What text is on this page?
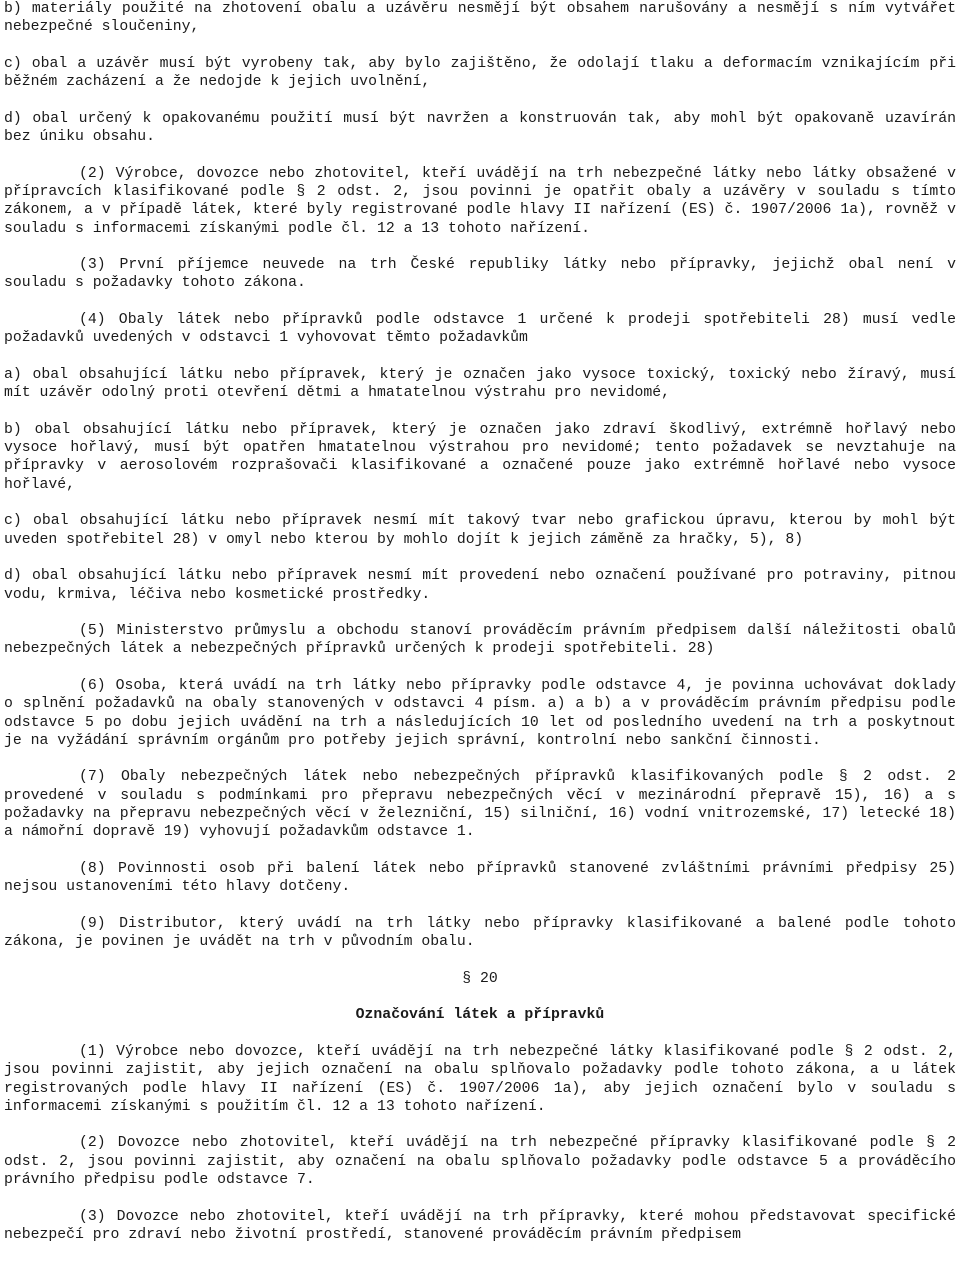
b) materiály použité na zhotovení obalu a uzávěru nesmějí být obsahem narušovány a nesmějí s ním vytvářet nebezpečné sloučeniny,

c) obal a uzávěr musí být vyrobeny tak, aby bylo zajištěno, že odolají tlaku a deformacím vznikajícím při běžném zacházení a že nedojde k jejich uvolnění,

d) obal určený k opakovanému použití musí být navržen a konstruován tak, aby mohl být opakovaně uzavírán bez úniku obsahu.

(2) Výrobce, dovozce nebo zhotovitel, kteří uvádějí na trh nebezpečné látky nebo látky obsažené v přípravcích klasifikované podle § 2 odst. 2, jsou povinni je opatřit obaly a uzávěry v souladu s tímto zákonem, a v případě látek, které byly registrované podle hlavy II nařízení (ES) č. 1907/2006 1a), rovněž v souladu s informacemi získanými podle čl. 12 a 13 tohoto nařízení.

(3) První příjemce neuvede na trh České republiky látky nebo přípravky, jejichž obal není v souladu s požadavky tohoto zákona.

(4) Obaly látek nebo přípravků podle odstavce 1 určené k prodeji spotřebiteli 28) musí vedle požadavků uvedených v odstavci 1 vyhovovat těmto požadavkům

a) obal obsahující látku nebo přípravek, který je označen jako vysoce toxický, toxický nebo žíravý, musí mít uzávěr odolný proti otevření dětmi a hmatatelnou výstrahu pro nevidomé,

b) obal obsahující látku nebo přípravek, který je označen jako zdraví škodlivý, extrémně hořlavý nebo vysoce hořlavý, musí být opatřen hmatatelnou výstrahou pro nevidomé; tento požadavek se nevztahuje na přípravky v aerosolovém rozprašovači klasifikované a označené pouze jako extrémně hořlavé nebo vysoce hořlavé,

c) obal obsahující látku nebo přípravek nesmí mít takový tvar nebo grafickou úpravu, kterou by mohl být uveden spotřebitel 28) v omyl nebo kterou by mohlo dojít k jejich záměně za hračky, 5), 8)

d) obal obsahující látku nebo přípravek nesmí mít provedení nebo označení používané pro potraviny, pitnou vodu, krmiva, léčiva nebo kosmetické prostředky.

(5) Ministerstvo průmyslu a obchodu stanoví prováděcím právním předpisem další náležitosti obalů nebezpečných látek a nebezpečných přípravků určených k prodeji spotřebiteli. 28)

(6) Osoba, která uvádí na trh látky nebo přípravky podle odstavce 4, je povinna uchovávat doklady o splnění požadavků na obaly stanovených v odstavci 4 písm. a) a b) a v prováděcím právním předpisu podle odstavce 5 po dobu jejich uvádění na trh a následujících 10 let od posledního uvedení na trh a poskytnout je na vyžádání správním orgánům pro potřeby jejich správní, kontrolní nebo sankční činnosti.

(7) Obaly nebezpečných látek nebo nebezpečných přípravků klasifikovaných podle § 2 odst. 2 provedené v souladu s podmínkami pro přepravu nebezpečných věcí v mezinárodní přepravě 15), 16) a s požadavky na přepravu nebezpečných věcí v železniční, 15) silniční, 16) vodní vnitrozemské, 17) letecké 18) a námořní dopravě 19) vyhovují požadavkům odstavce 1.

(8) Povinnosti osob při balení látek nebo přípravků stanovené zvláštními právními předpisy 25) nejsou ustanoveními této hlavy dotčeny.

(9) Distributor, který uvádí na trh látky nebo přípravky klasifikované a balené podle tohoto zákona, je povinen je uvádět na trh v původním obalu.

§ 20

Označování látek a přípravků

(1) Výrobce nebo dovozce, kteří uvádějí na trh nebezpečné látky klasifikované podle § 2 odst. 2, jsou povinni zajistit, aby jejich označení na obalu splňovalo požadavky podle tohoto zákona, a u látek registrovaných podle hlavy II nařízení (ES) č. 1907/2006 1a), aby jejich označení bylo v souladu s informacemi získanými s použitím čl. 12 a 13 tohoto nařízení.

(2) Dovozce nebo zhotovitel, kteří uvádějí na trh nebezpečné přípravky klasifikované podle § 2 odst. 2, jsou povinni zajistit, aby označení na obalu splňovalo požadavky podle odstavce 5 a prováděcího právního předpisu podle odstavce 7.

(3) Dovozce nebo zhotovitel, kteří uvádějí na trh přípravky, které mohou představovat specifické nebezpečí pro zdraví nebo životní prostředí, stanovené prováděcím právním předpisem
